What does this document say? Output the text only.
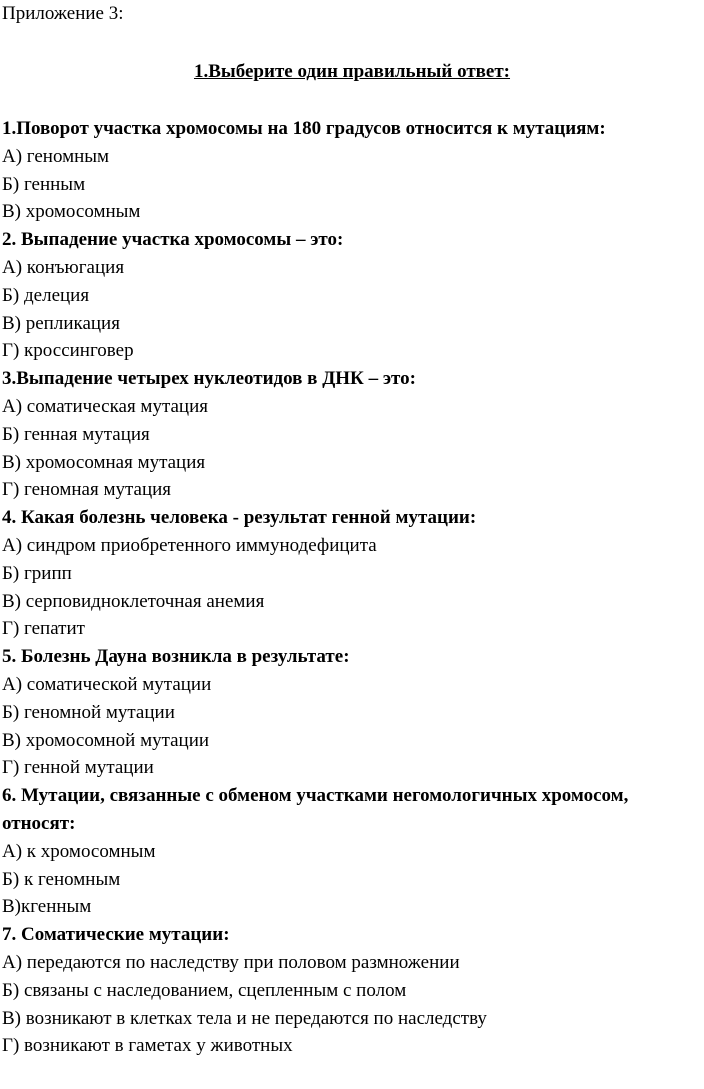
Приложение 3:
1.Выберите один правильный ответ:
1.Поворот участка хромосомы на 180 градусов относится к мутациям:
А) геномным
Б) генным
В) хромосомным
2. Выпадение участка хромосомы – это:
А) конъюгация
Б) делеция
В) репликация
Г) кроссинговер
3.Выпадение четырех нуклеотидов в ДНК – это:
А) соматическая мутация
Б) генная мутация
В) хромосомная мутация
Г) геномная мутация
4. Какая болезнь человека - результат генной мутации:
А) синдром приобретенного иммунодефицита
Б) грипп
В) серповидноклеточная анемия
Г) гепатит
5. Болезнь Дауна возникла в результате:
А) соматической мутации
Б) геномной мутации
В) хромосомной мутации
Г) генной мутации
6. Мутации, связанные с обменом участками негомологичных хромосом, относят:
А) к хромосомным
Б) к геномным
В)кгенным
7. Соматические мутации:
А) передаются по наследству при половом размножении
Б) связаны с наследованием, сцепленным с полом
В) возникают в клетках тела и не передаются по наследству
Г) возникают в гаметах у животных
